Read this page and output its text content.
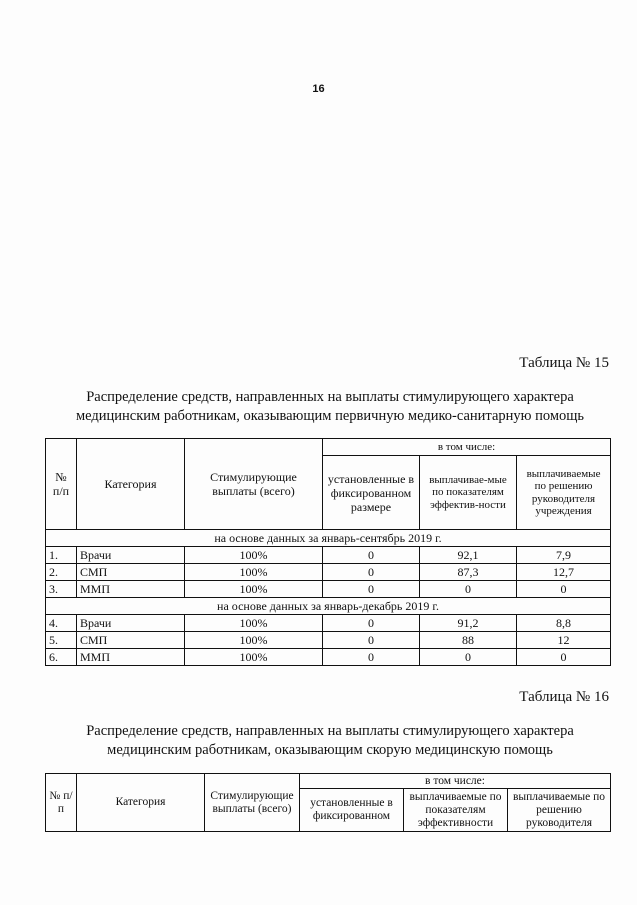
16
Таблица № 15
Распределение средств, направленных на выплаты стимулирующего характера
медицинским работникам, оказывающим первичную медико-санитарную помощь
№ п/п	Категория	Стимулирующие выплаты (всего)	в том числе:		
			установленные в фиксированном размере	выплачивае-мые по показателям эффектив-ности	выплачиваемые по решению руководителя учреждения
на основе данных за январь-сентябрь 2019 г.					
1.	Врачи	100%	0	92,1	7,9
2.	СМП	100%	0	87,3	12,7
3.	ММП	100%	0	0	0
на основе данных за январь-декабрь 2019 г.					
4.	Врачи	100%	0	91,2	8,8
5.	СМП	100%	0	88	12
6.	ММП	100%	0	0	0
Таблица № 16
Распределение средств, направленных на выплаты стимулирующего характера
медицинским работникам, оказывающим скорую медицинскую помощь
№ п/п	Категория	Стимулирующие выплаты (всего)	в том числе:		
			установленные в фиксированном	выплачиваемые по показателям эффективности	выплачиваемые по решению руководителя
